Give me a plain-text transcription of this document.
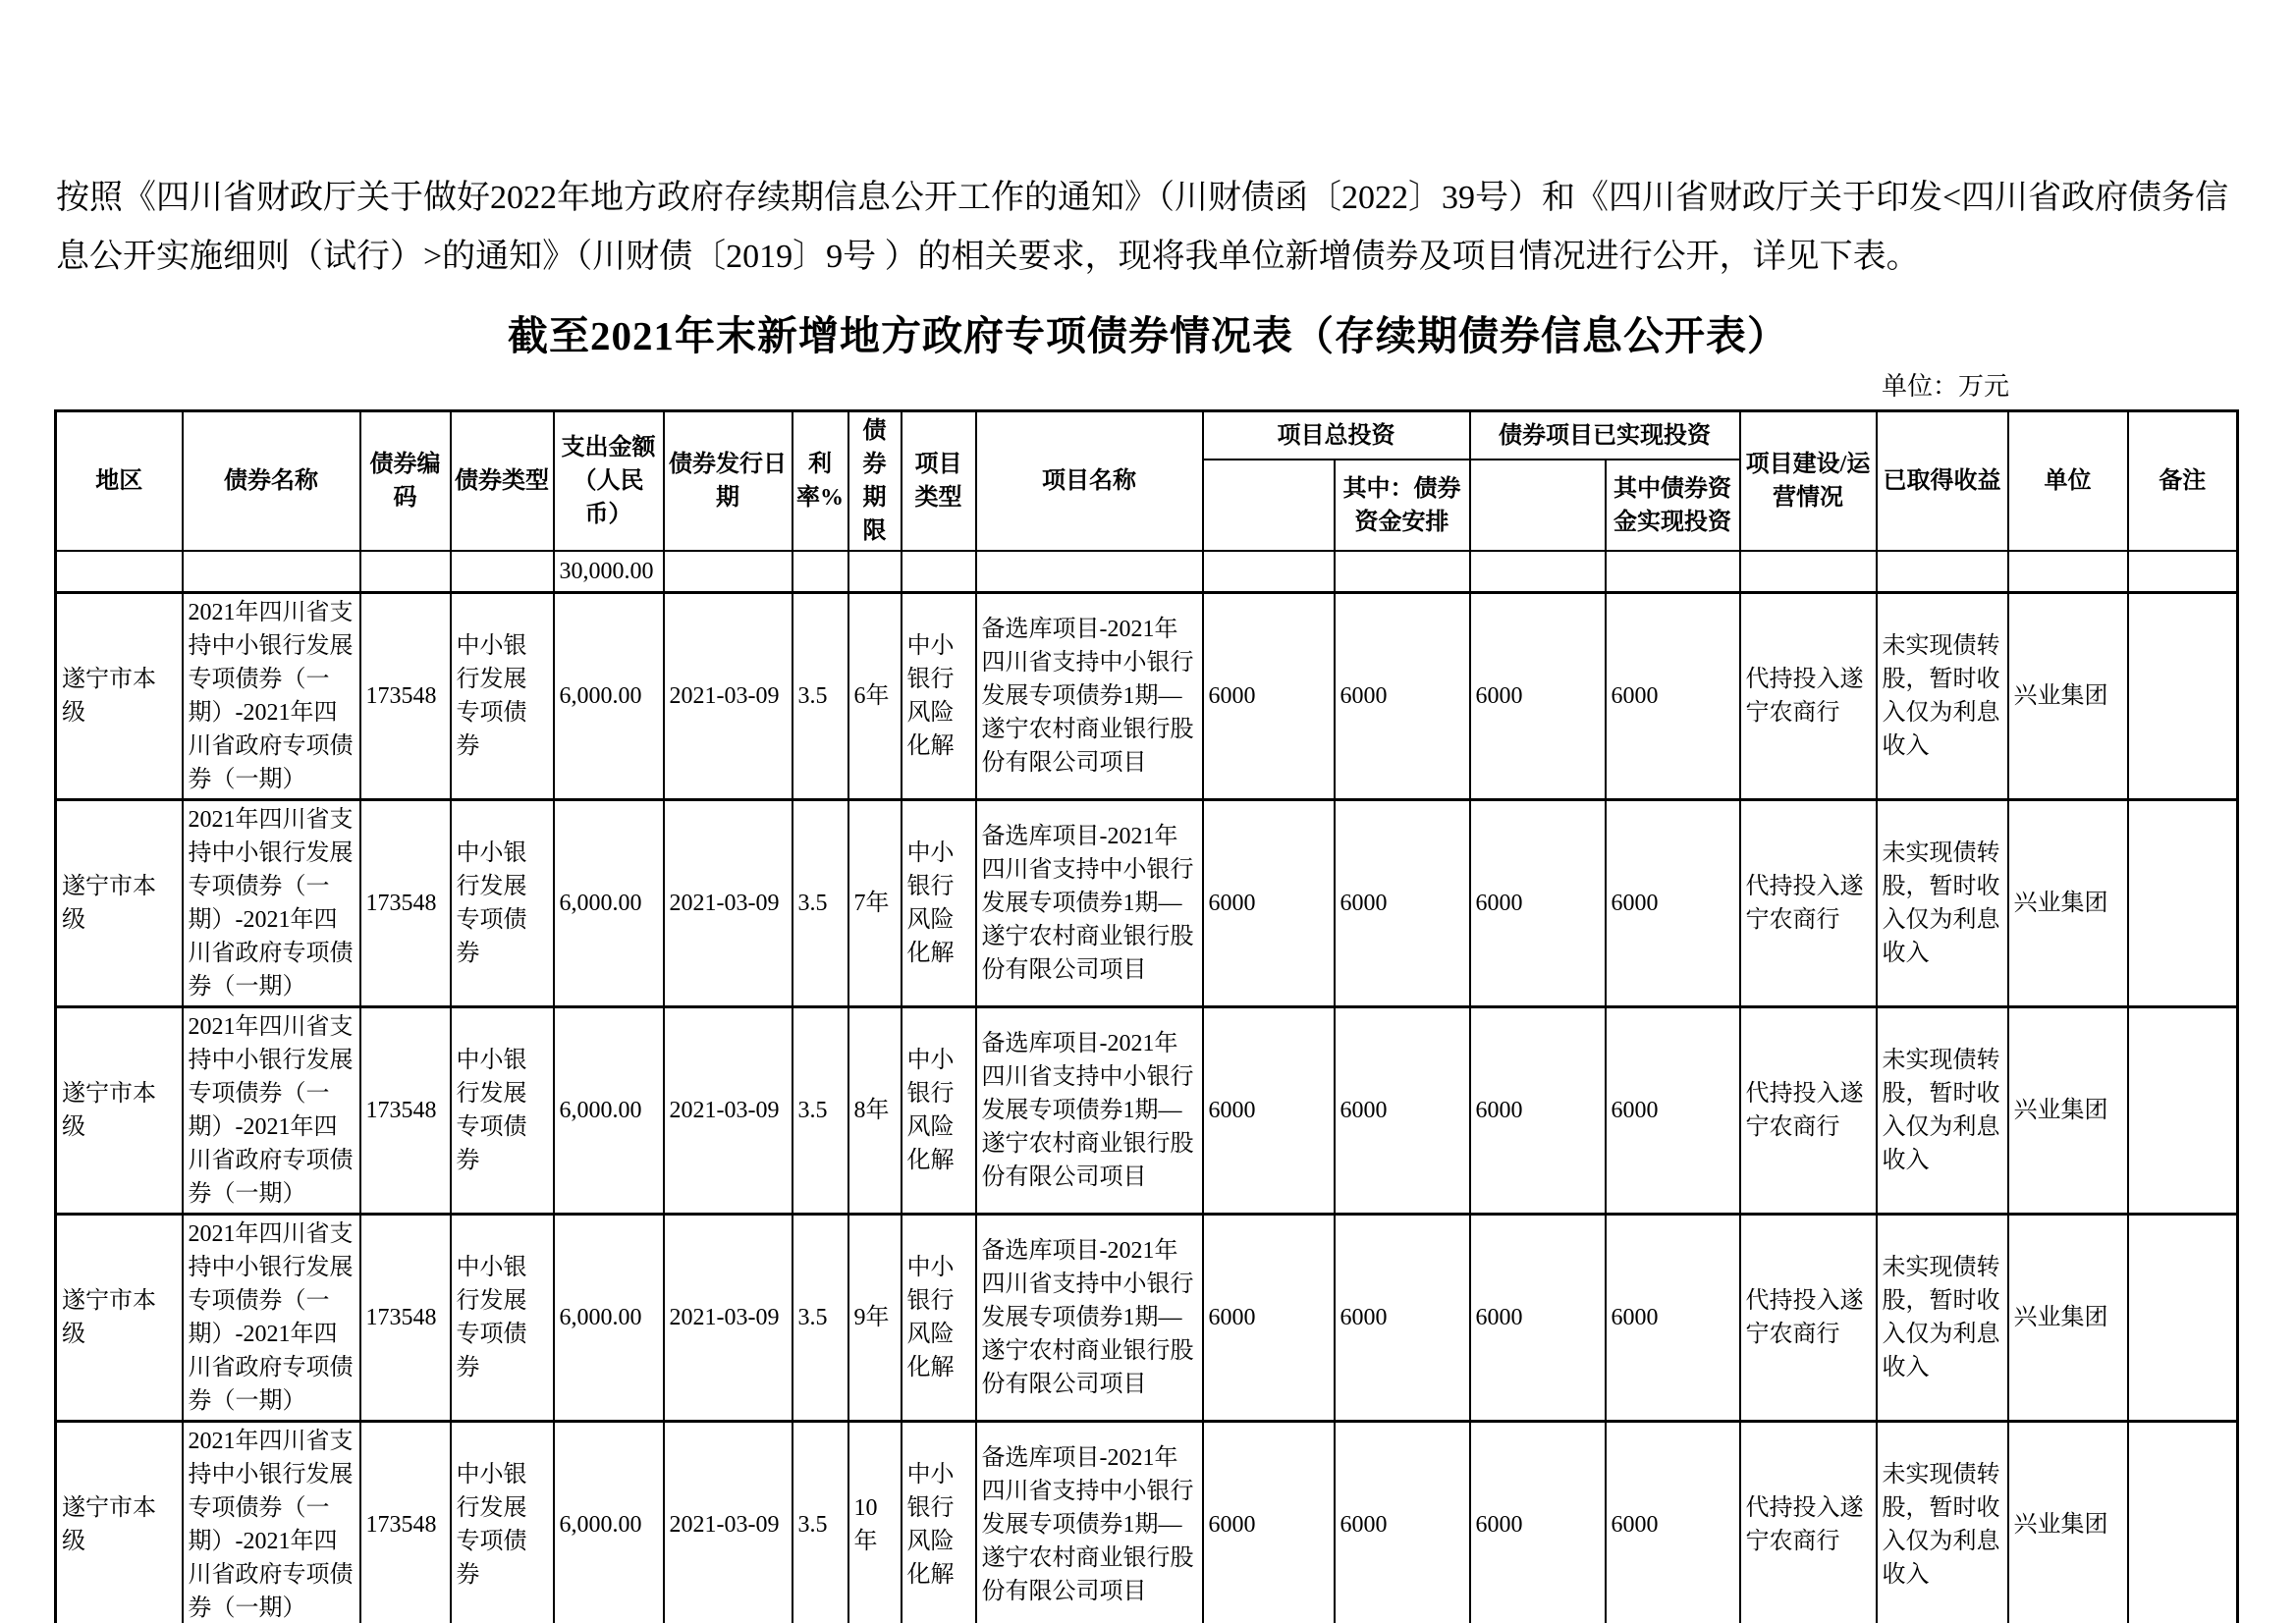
按照《四川省财政厅关于做好2022年地方政府存续期信息公开工作的通知》（川财债函〔2022〕39号）和《四川省财政厅关于印发<四川省政府债务信息公开实施细则（试行）>的通知》（川财债〔2019〕9号 ）的相关要求，现将我单位新增债券及项目情况进行公开，详见下表。
截至2021年末新增地方政府专项债券情况表（存续期债券信息公开表）
单位：万元
地区	债券名称	债券编码	债券类型	支出金额（人民币）	债券发行日期	利率%	债券期限	项目类型	项目名称	项目总投资		债券项目已实现投资		项目建设/运营情况	已取得收益	单位	备注
											其中：债券资金安排		其中债券资金实现投资				
				30,000.00													
遂宁市本级	2021年四川省支持中小银行发展专项债券（一期）-2021年四川省政府专项债券（一期）	173548	中小银行发展专项债券	6,000.00	2021-03-09	3.5	6年	中小银行风险化解	备选库项目-2021年四川省支持中小银行发展专项债券1期—遂宁农村商业银行股份有限公司项目	6000	6000	6000	6000	代持投入遂宁农商行	未实现债转股，暂时收入仅为利息收入	兴业集团	
遂宁市本级	2021年四川省支持中小银行发展专项债券（一期）-2021年四川省政府专项债券（一期）	173548	中小银行发展专项债券	6,000.00	2021-03-09	3.5	7年	中小银行风险化解	备选库项目-2021年四川省支持中小银行发展专项债券1期—遂宁农村商业银行股份有限公司项目	6000	6000	6000	6000	代持投入遂宁农商行	未实现债转股，暂时收入仅为利息收入	兴业集团	
遂宁市本级	2021年四川省支持中小银行发展专项债券（一期）-2021年四川省政府专项债券（一期）	173548	中小银行发展专项债券	6,000.00	2021-03-09	3.5	8年	中小银行风险化解	备选库项目-2021年四川省支持中小银行发展专项债券1期—遂宁农村商业银行股份有限公司项目	6000	6000	6000	6000	代持投入遂宁农商行	未实现债转股，暂时收入仅为利息收入	兴业集团	
遂宁市本级	2021年四川省支持中小银行发展专项债券（一期）-2021年四川省政府专项债券（一期）	173548	中小银行发展专项债券	6,000.00	2021-03-09	3.5	9年	中小银行风险化解	备选库项目-2021年四川省支持中小银行发展专项债券1期—遂宁农村商业银行股份有限公司项目	6000	6000	6000	6000	代持投入遂宁农商行	未实现债转股，暂时收入仅为利息收入	兴业集团	
遂宁市本级	2021年四川省支持中小银行发展专项债券（一期）-2021年四川省政府专项债券（一期）	173548	中小银行发展专项债券	6,000.00	2021-03-09	3.5	10年	中小银行风险化解	备选库项目-2021年四川省支持中小银行发展专项债券1期—遂宁农村商业银行股份有限公司项目	6000	6000	6000	6000	代持投入遂宁农商行	未实现债转股，暂时收入仅为利息收入	兴业集团	
